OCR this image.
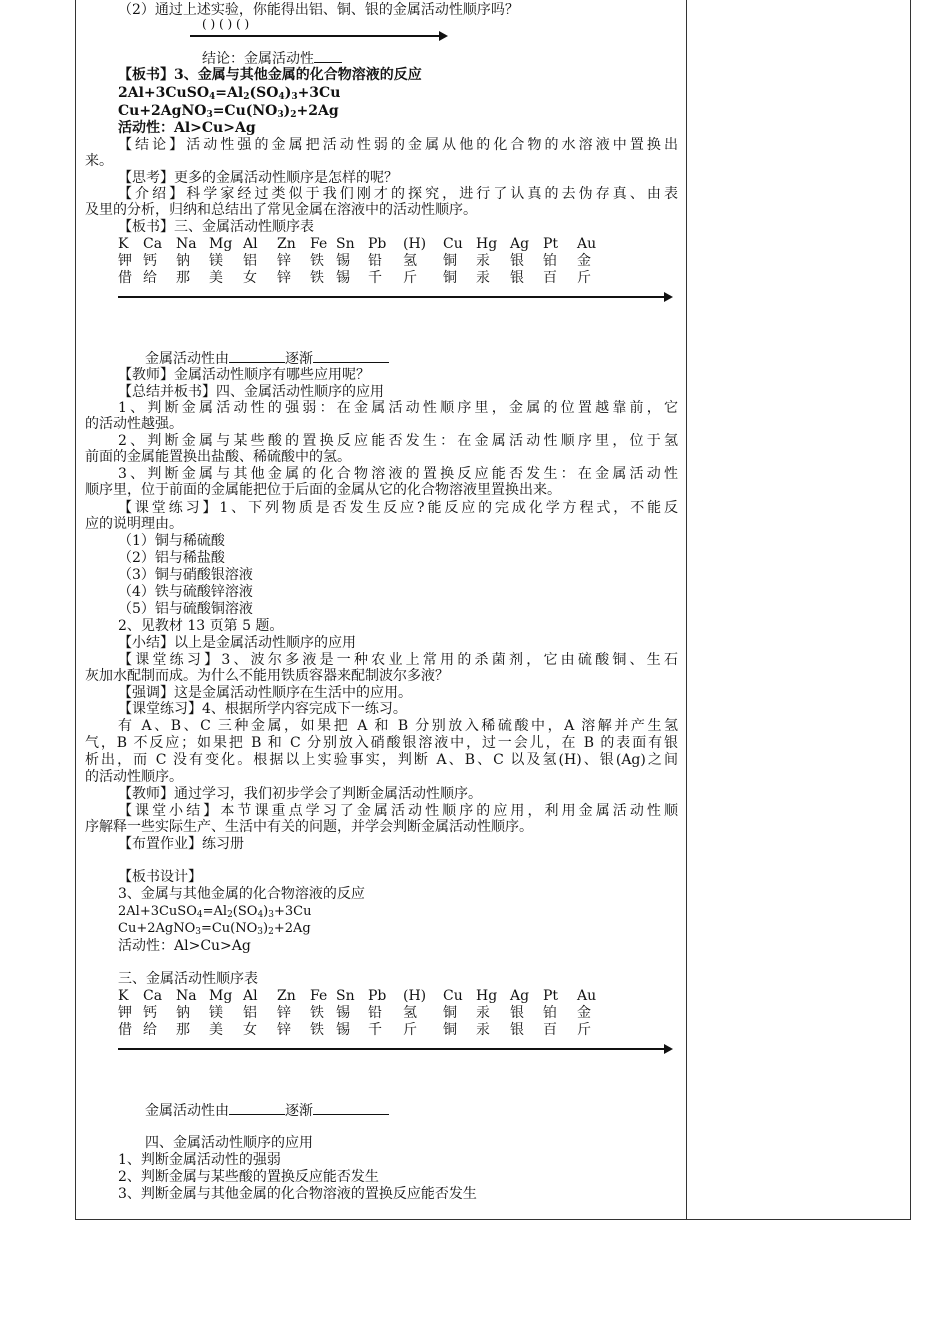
（2）通过上述实验，你能得出铝、铜、银的金属活动性顺序吗？
( ) ( ) ( )
结论：金属活动性
【板书】3、金属与其他金属的化合物溶液的反应
$2Al+3CuSO_4=Al_2(SO_4)_3+3Cu$
$Cu+2AgNO_3=Cu(NO_3)_2+2Ag$
活动性：Al>Cu>Ag
【结论】活动性强的金属把活动性弱的金属从他的化合物的水溶液中置换出
来。
【思考】更多的金属活动性顺序是怎样的呢？
【介绍】科学家经过类似于我们刚才的探究，进行了认真的去伪存真、由表
及里的分析，归纳和总结出了常见金属在溶液中的活动性顺序。
【板书】三、金属活动性顺序表
K Ca Na Mg Al Zn Fe Sn Pb (H) Cu Hg Ag Pt Au
钾 钙 钠 镁 铝 锌 铁 锡 铅 氢 铜 汞 银 铂 金
借 给 那 美 女 锌 铁 锡 千 斤 铜 汞 银 百 斤
金属活动性由	逐渐
【教师】金属活动性顺序有哪些应用呢？
【总结并板书】四、金属活动性顺序的应用
1、判断金属活动性的强弱：在金属活动性顺序里，金属的位置越靠前，它
的活动性越强。
2、判断金属与某些酸的置换反应能否发生：在金属活动性顺序里，位于氢
前面的金属能置换出盐酸、稀硫酸中的氢。
3、判断金属与其他金属的化合物溶液的置换反应能否发生：在金属活动性
顺序里，位于前面的金属能把位于后面的金属从它的化合物溶液里置换出来。
【课堂练习】1、下列物质是否发生反应?能反应的完成化学方程式，不能反
应的说明理由。
（1）铜与稀硫酸
（2）铝与稀盐酸
（3）铜与硝酸银溶液
（4）铁与硫酸锌溶液
（5）铝与硫酸铜溶液
2、见教材 13 页第 5 题。
【小结】以上是金属活动性顺序的应用
【课堂练习】3、波尔多液是一种农业上常用的杀菌剂，它由硫酸铜、生石
灰加水配制而成。为什么不能用铁质容器来配制波尔多液？
【强调】这是金属活动性顺序在生活中的应用。
【课堂练习】4、根据所学内容完成下一练习。
有 A、B、C 三种金属，如果把 A 和 B 分别放入稀硫酸中，A 溶解并产生氢
气，B 不反应；如果把 B 和 C 分别放入硝酸银溶液中，过一会儿，在 B 的表面有银
析出，而 C 没有变化。根据以上实验事实，判断 A、B、C 以及氢(H)、银(Ag)之间
的活动性顺序。
【教师】通过学习，我们初步学会了判断金属活动性顺序。
【课堂小结】本节课重点学习了金属活动性顺序的应用，利用金属活动性顺
序解释一些实际生产、生活中有关的问题，并学会判断金属活动性顺序。
【布置作业】练习册
【板书设计】
3、金属与其他金属的化合物溶液的反应
$2Al+3CuSO_4=Al_2(SO_4)_3+3Cu$
$Cu+2AgNO_3=Cu(NO_3)_2+2Ag$
活动性：Al>Cu>Ag
三、金属活动性顺序表
K Ca Na Mg Al Zn Fe Sn Pb (H) Cu Hg Ag Pt Au
钾 钙 钠 镁 铝 锌 铁 锡 铅 氢 铜 汞 银 铂 金
借 给 那 美 女 锌 铁 锡 千 斤 铜 汞 银 百 斤
金属活动性由	逐渐
四、金属活动性顺序的应用
1、判断金属活动性的强弱
2、判断金属与某些酸的置换反应能否发生
3、判断金属与其他金属的化合物溶液的置换反应能否发生
